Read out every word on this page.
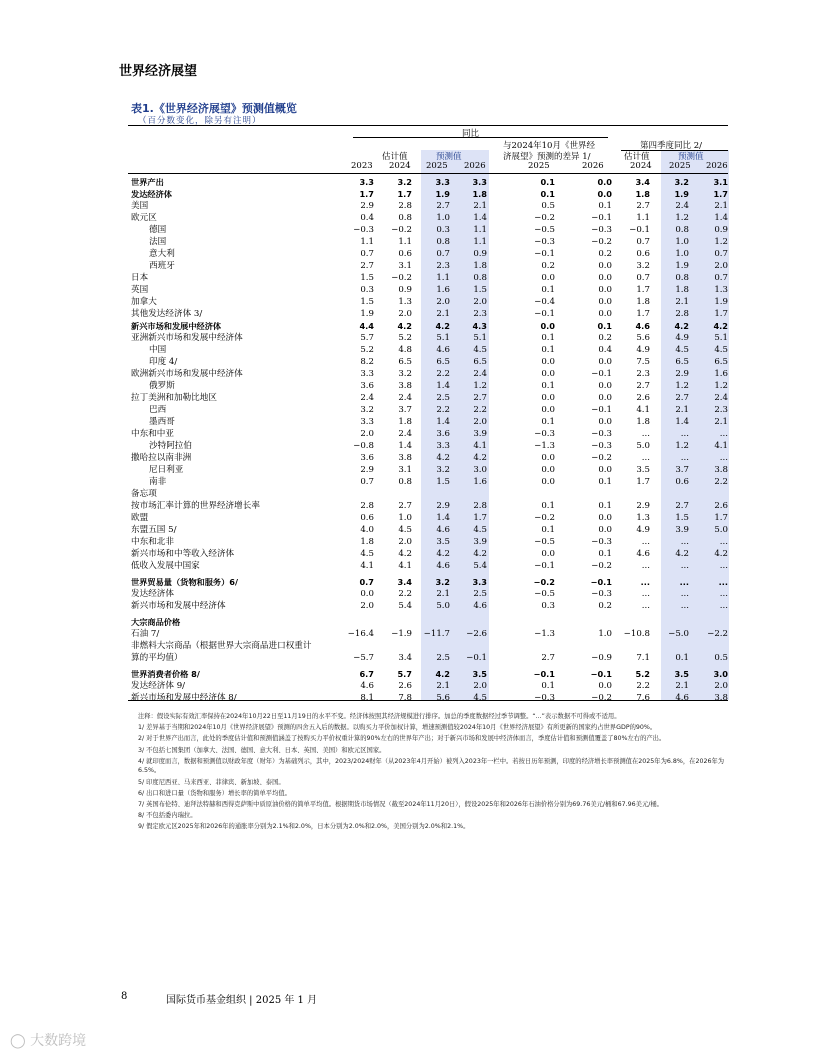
世界经济展望
表1.《世界经济展望》预测值概览
（百分数变化，除另有注明）
同比
与2024年10月《世界经
济展望》预测的差异 1/
第四季度同比 2/
估计值	预测值	估计值	预测值
2023 2024 2025 2026	2025	2026	2024 2025 2026
世界产出	3.3	3.2	3.3	3.3	0.1	0.0	3.4	3.2	3.1
发达经济体	1.7	1.7	1.9	1.8	0.1	0.0	1.8	1.9	1.7
美国	2.9	2.8	2.7	2.1	0.5	0.1	2.7	2.4	2.1
欧元区	0.4	0.8	1.0	1.4	−0.2	−0.1	1.1	1.2	1.4
德国	−0.3	−0.2	0.3	1.1	−0.5	−0.3	−0.1	0.8	0.9
法国	1.1	1.1	0.8	1.1	−0.3	−0.2	0.7	1.0	1.2
意大利	0.7	0.6	0.7	0.9	−0.1	0.2	0.6	1.0	0.7
西班牙	2.7	3.1	2.3	1.8	0.2	0.0	3.2	1.9	2.0
日本	1.5	−0.2	1.1	0.8	0.0	0.0	0.7	0.8	0.7
英国	0.3	0.9	1.6	1.5	0.1	0.0	1.7	1.8	1.3
加拿大	1.5	1.3	2.0	2.0	−0.4	0.0	1.8	2.1	1.9
其他发达经济体 3/	1.9	2.0	2.1	2.3	−0.1	0.0	1.7	2.8	1.7
新兴市场和发展中经济体	4.4	4.2	4.2	4.3	0.0	0.1	4.6	4.2	4.2
亚洲新兴市场和发展中经济体	5.7	5.2	5.1	5.1	0.1	0.2	5.6	4.9	5.1
中国	5.2	4.8	4.6	4.5	0.1	0.4	4.9	4.5	4.5
印度 4/	8.2	6.5	6.5	6.5	0.0	0.0	7.5	6.5	6.5
欧洲新兴市场和发展中经济体	3.3	3.2	2.2	2.4	0.0	−0.1	2.3	2.9	1.6
俄罗斯	3.6	3.8	1.4	1.2	0.1	0.0	2.7	1.2	1.2
拉丁美洲和加勒比地区	2.4	2.4	2.5	2.7	0.0	0.0	2.6	2.7	2.4
巴西	3.2	3.7	2.2	2.2	0.0	−0.1	4.1	2.1	2.3
墨西哥	3.3	1.8	1.4	2.0	0.1	0.0	1.8	1.4	2.1
中东和中亚	2.0	2.4	3.6	3.9	−0.3	−0.3	...	...	...
沙特阿拉伯	−0.8	1.4	3.3	4.1	−1.3	−0.3	5.0	1.2	4.1
撒哈拉以南非洲	3.6	3.8	4.2	4.2	0.0	−0.2	...	...	...
尼日利亚	2.9	3.1	3.2	3.0	0.0	0.0	3.5	3.7	3.8
南非	0.7	0.8	1.5	1.6	0.0	0.1	1.7	0.6	2.2
备忘项									
按市场汇率计算的世界经济增长率	2.8	2.7	2.9	2.8	0.1	0.1	2.9	2.7	2.6
欧盟	0.6	1.0	1.4	1.7	−0.2	0.0	1.3	1.5	1.7
东盟五国 5/	4.0	4.5	4.6	4.5	0.1	0.0	4.9	3.9	5.0
中东和北非	1.8	2.0	3.5	3.9	−0.5	−0.3	...	...	...
新兴市场和中等收入经济体	4.5	4.2	4.2	4.2	0.0	0.1	4.6	4.2	4.2
低收入发展中国家	4.1	4.1	4.6	5.4	−0.1	−0.2	...	...	...
世界贸易量（货物和服务）6/	0.7	3.4	3.2	3.3	−0.2	−0.1	...	...	...
发达经济体	0.0	2.2	2.1	2.5	−0.5	−0.3	...	...	...
新兴市场和发展中经济体	2.0	5.4	5.0	4.6	0.3	0.2	...	...	...
大宗商品价格									
石油 7/	−16.4	−1.9	−11.7	−2.6	−1.3	1.0	−10.8	−5.0	−2.2
非燃料大宗商品（根据世界大宗商品进口权重计									
算的平均值）	−5.7	3.4	2.5	−0.1	2.7	−0.9	7.1	0.1	0.5
世界消费者价格 8/	6.7	5.7	4.2	3.5	−0.1	−0.1	5.2	3.5	3.0
发达经济体 9/	4.6	2.6	2.1	2.0	0.1	0.0	2.2	2.1	2.0
新兴市场和发展中经济体 8/	8.1	7.8	5.6	4.5	−0.3	−0.2	7.6	4.6	3.8

注释：假设实际有效汇率保持在2024年10月22日至11月19日的水平不变。经济体按照其经济规模进行排序。加总的季度数据经过季节调整。“...”表示数据不可得或不适用。

1/ 差异基于当期和2024年10月《世界经济展望》预测的四舍五入后的数据。以购买力平价加权计算，增速预测值较2024年10月《世界经济展望》有所更新的国家约占世界GDP的90%。

2/ 对于世界产出而言，此处的季度估计值和预测值涵盖了按购买力平价权重计算的90%左右的世界年产出；对于新兴市场和发展中经济体而言，季度估计值和预测值覆盖了80%左右的产出。

3/ 不包括七国集团（加拿大、法国、德国、意大利、日本、英国、美国）和欧元区国家。

4/ 就印度而言，数据和预测值以财政年度（财年）为基础列示，其中，2023/2024财年（从2023年4月开始）被列入2023年一栏中。若按日历年预测，印度的经济增长率预测值在2025年为6.8%，在2026年为6.5%。

5/ 印度尼西亚、马来西亚、菲律宾、新加坡、泰国。

6/ 出口和进口量（货物和服务）增长率的简单平均值。

7/ 英国布伦特、迪拜法特赫和西得克萨斯中质原油价格的简单平均值。根据期货市场情况（截至2024年11月20日），假设2025年和2026年石油价格分别为69.76美元/桶和67.96美元/桶。

8/ 不包括委内瑞拉。

9/ 假定欧元区2025年和2026年的通胀率分别为2.1%和2.0%，日本分别为2.0%和2.0%，美国分别为2.0%和2.1%。

8	国际货币基金组织 | 2025 年 1 月
◯ 大数跨境
